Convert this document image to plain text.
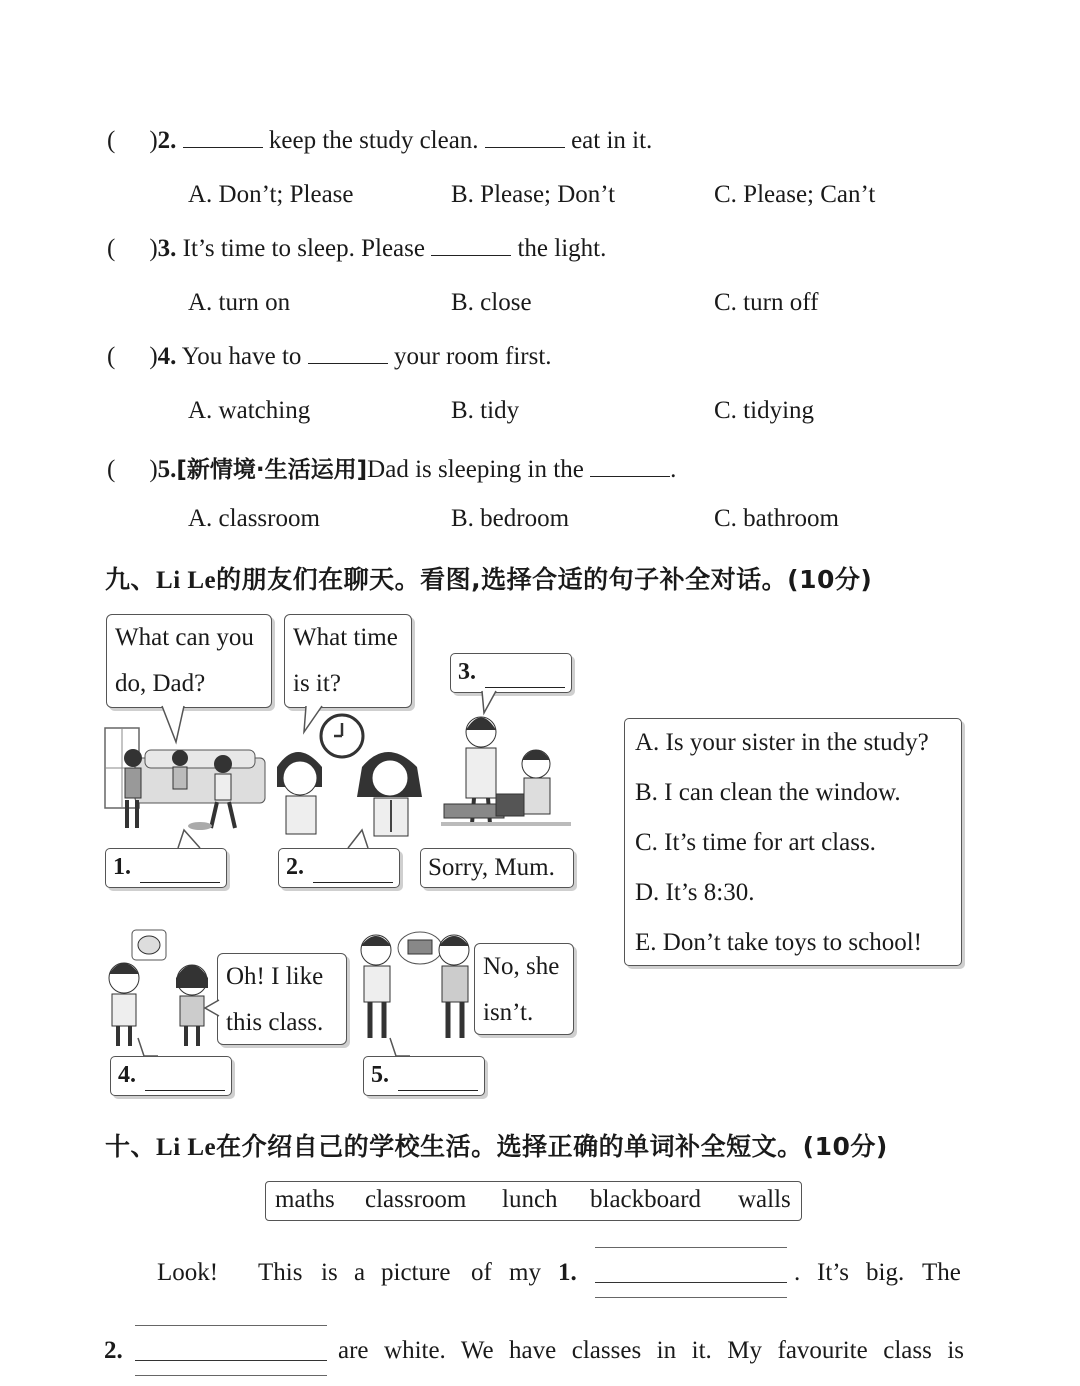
( )2.	keep the study clean.	eat in it.
A. Don’t; Please	B. Please; Don’t	C. Please; Can’t
( )3. It’s time to sleep. Please	the light.
A. turn on	B. close	C. turn off
( )4. You have to	your room first.
A. watching	B. tidy	C. tidying
( )5.[新情境·生活运用]Dad is sleeping in the	.
A. classroom	B. bedroom	C. bathroom
九、Li Le的朋友们在聊天。看图,选择合适的句子补全对话。(10分)
What can you
do, Dad?
What time
is it?	3.
1.	2.	Sorry, Mum.
A. Is your sister in the study?
B. I can clean the window.
C. It’s time for art class.
D. It’s 8:30.
E. Don’t take toys to school!
Oh! I like
this class.
4.
No, she
isn’t.
5.
十、Li Le在介绍自己的学校生活。选择正确的单词补全短文。(10分)
maths classroom lunch blackboard walls
Look! This is a picture of my 1.	. It’s big. The
2.	are white. We have classes in it. My favourite class is
